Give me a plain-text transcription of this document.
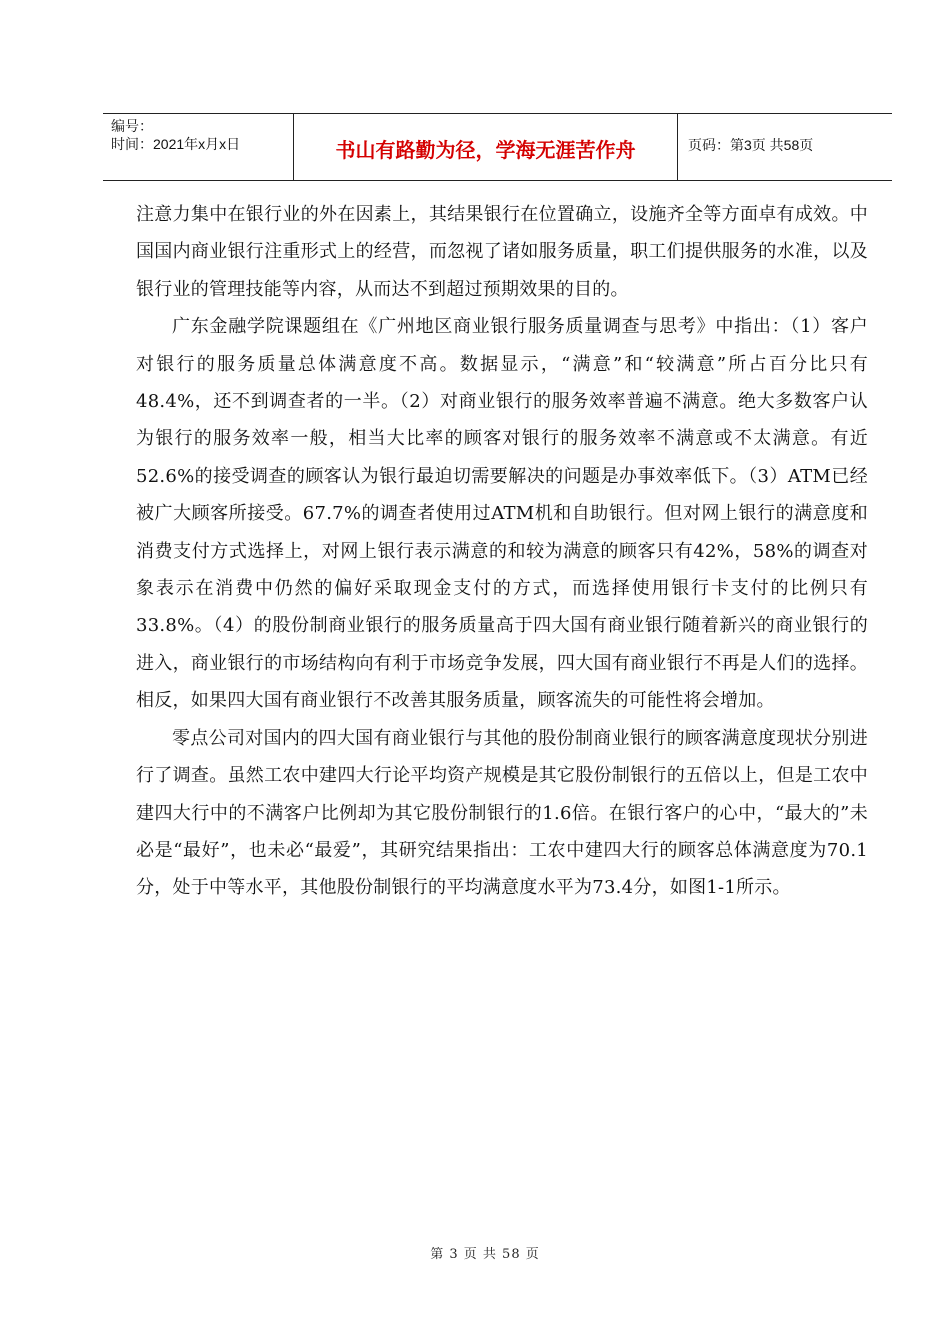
编号：
时间：2021年x月x日	书山有路勤为径，学海无涯苦作舟	页码：第3页 共58页

注意力集中在银行业的外在因素上，其结果银行在位置确立，设施齐全等方面卓有成效。中国国内商业银行注重形式上的经营，而忽视了诸如服务质量，职工们提供服务的水准，以及银行业的管理技能等内容，从而达不到超过预期效果的目的。

广东金融学院课题组在《广州地区商业银行服务质量调查与思考》中指出：（1）客户对银行的服务质量总体满意度不高。数据显示，“满意”和“较满意”所占百分比只有48.4%，还不到调查者的一半。（2）对商业银行的服务效率普遍不满意。绝大多数客户认为银行的服务效率一般，相当大比率的顾客对银行的服务效率不满意或不太满意。有近52.6%的接受调查的顾客认为银行最迫切需要解决的问题是办事效率低下。（3）ATM已经被广大顾客所接受。67.7%的调查者使用过ATM机和自助银行。但对网上银行的满意度和消费支付方式选择上，对网上银行表示满意的和较为满意的顾客只有42%，58%的调查对象表示在消费中仍然的偏好采取现金支付的方式，而选择使用银行卡支付的比例只有33.8%。（4）的股份制商业银行的服务质量高于四大国有商业银行随着新兴的商业银行的进入，商业银行的市场结构向有利于市场竞争发展，四大国有商业银行不再是人们的选择。相反，如果四大国有商业银行不改善其服务质量，顾客流失的可能性将会增加。

零点公司对国内的四大国有商业银行与其他的股份制商业银行的顾客满意度现状分别进行了调查。虽然工农中建四大行论平均资产规模是其它股份制银行的五倍以上，但是工农中建四大行中的不满客户比例却为其它股份制银行的1.6倍。在银行客户的心中，“最大的”未必是“最好”，也未必“最爱”，其研究结果指出：工农中建四大行的顾客总体满意度为70.1分，处于中等水平，其他股份制银行的平均满意度水平为73.4分，如图1-1所示。

第 3 页 共 58 页
